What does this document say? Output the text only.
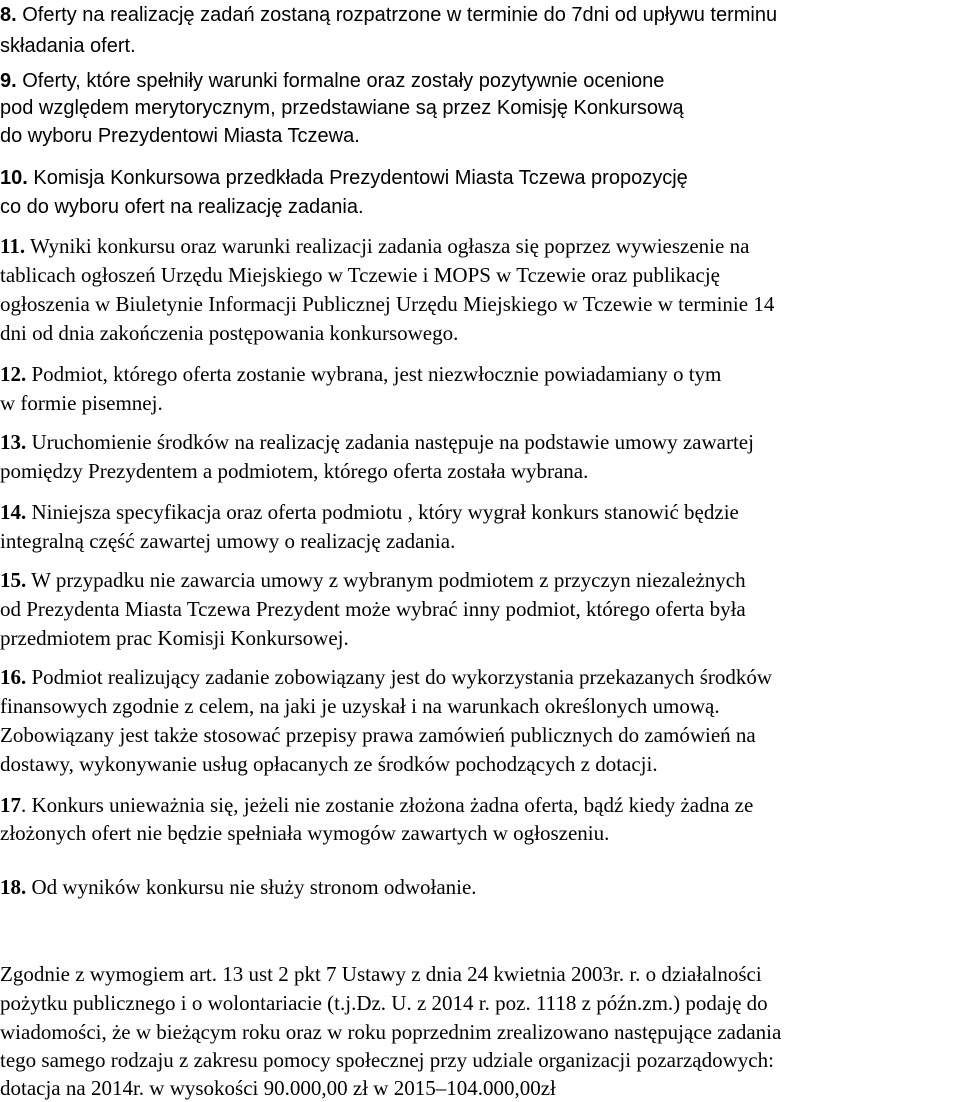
8. Oferty na realizację zadań zostaną rozpatrzone w terminie do 7dni od upływu terminu
składania ofert.
9. Oferty, które spełniły warunki formalne oraz zostały pozytywnie ocenione
pod względem merytorycznym, przedstawiane są przez Komisję Konkursową
do wyboru Prezydentowi Miasta Tczewa.
10. Komisja Konkursowa przedkłada Prezydentowi Miasta Tczewa propozycję
co do wyboru ofert na realizację zadania.
11. Wyniki konkursu oraz warunki realizacji zadania ogłasza się poprzez wywieszenie na
tablicach ogłoszeń Urzędu Miejskiego w Tczewie i MOPS w Tczewie oraz publikację
ogłoszenia w Biuletynie Informacji Publicznej Urzędu Miejskiego w Tczewie w terminie 14
dni od dnia zakończenia postępowania konkursowego.
12. Podmiot, którego oferta zostanie wybrana, jest niezwłocznie powiadamiany o tym
w formie pisemnej.
13. Uruchomienie środków na realizację zadania następuje na podstawie umowy zawartej
pomiędzy Prezydentem a podmiotem, którego oferta została wybrana.
14. Niniejsza specyfikacja oraz oferta podmiotu , który wygrał konkurs stanowić będzie
integralną część zawartej umowy o realizację zadania.
15. W przypadku nie zawarcia umowy z wybranym podmiotem z przyczyn niezależnych
od Prezydenta Miasta Tczewa Prezydent może wybrać inny podmiot, którego oferta była
przedmiotem prac Komisji Konkursowej.
16. Podmiot realizujący zadanie zobowiązany jest do wykorzystania przekazanych środków
finansowych zgodnie z celem, na jaki je uzyskał i na warunkach określonych umową.
Zobowiązany jest także stosować przepisy prawa zamówień publicznych do zamówień na
dostawy, wykonywanie usług opłacanych ze środków pochodzących z dotacji.
17. Konkurs unieważnia się, jeżeli nie zostanie złożona żadna oferta, bądź kiedy żadna ze
złożonych ofert nie będzie spełniała wymogów zawartych w ogłoszeniu.
18. Od wyników konkursu nie służy stronom odwołanie.
Zgodnie z wymogiem art. 13 ust 2 pkt 7 Ustawy z dnia 24 kwietnia 2003r. r. o działalności
pożytku publicznego i o wolontariacie (t.j.Dz. U. z 2014 r. poz. 1118 z późn.zm.) podaję do
wiadomości, że w bieżącym roku oraz w roku poprzednim zrealizowano następujące zadania
tego samego rodzaju z zakresu pomocy społecznej przy udziale organizacji pozarządowych:
dotacja na 2014r. w wysokości 90.000,00 zł w 2015–104.000,00zł
